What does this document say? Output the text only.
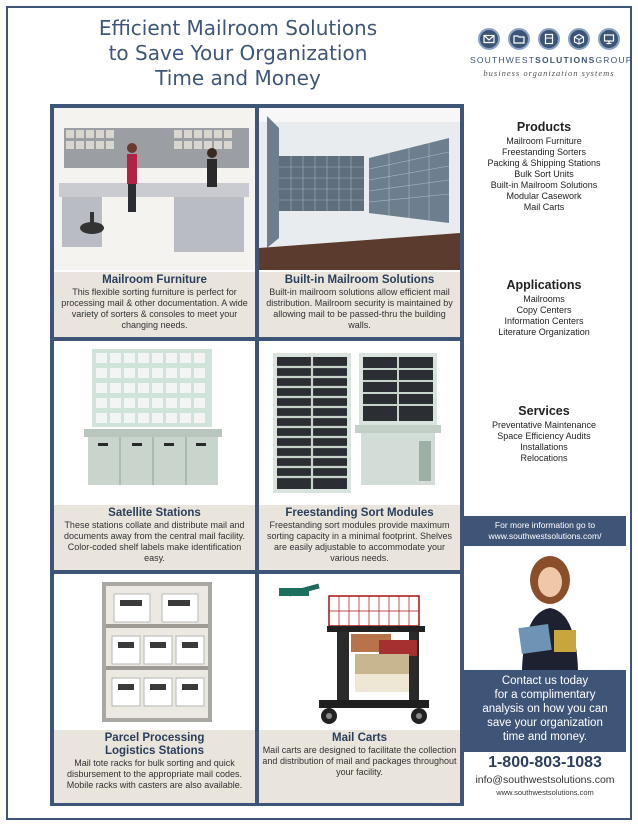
Efficient Mailroom Solutions
to Save Your Organization
Time and Money
SOUTHWESTSOLUTIONSGROUP
business organization systems
Mailroom Furniture

This flexible sorting furniture is perfect for processing mail & other documentation. A wide variety of sorters & consoles to meet your changing needs.

Built-in Mailroom Solutions

Built-in mailroom solutions allow efficient mail distribution. Mailroom security is maintained by allowing mail to be passed-thru the building walls.

Satellite Stations

These stations collate and distribute mail and documents away from the central mail facility. Color-coded shelf labels make identification easy.

Freestanding Sort Modules

Freestanding sort modules provide maximum sorting capacity in a minimal footprint. Shelves are easily adjustable to accommodate your various needs.

Parcel Processing
Logistics Stations

Mail tote racks for bulk sorting and quick disbursement to the appropriate mail codes. Mobile racks with casters are also available.

Mail Carts

Mail carts are designed to facilitate the collection and distribution of mail and packages throughout your facility.

Products
Mailroom Furniture
Freestanding Sorters
Packing & Shipping Stations
Bulk Sort Units
Built-in Mailroom Solutions
Modular Casework
Mail Carts
Applications
Mailrooms
Copy Centers
Information Centers
Literature Organization
Services
Preventative Maintenance
Space Efficiency Audits
Installations
Relocations
For more information go to
www.southwestsolutions.com/
Contact us today
for a complimentary
analysis on how you can
save your organization
time and money.
1-800-803-1083
info@southwestsolutions.com
www.southwestsolutions.com
